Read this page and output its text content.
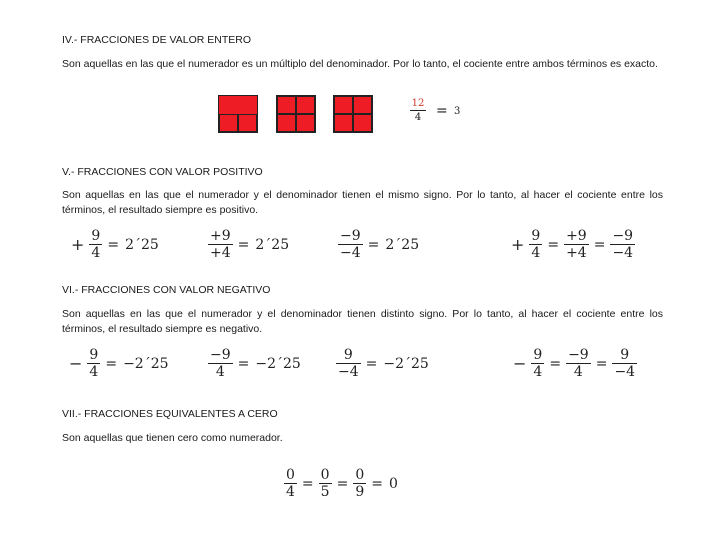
IV.- FRACCIONES DE VALOR ENTERO
Son aquellas en las que el numerador es un múltiplo del denominador. Por lo tanto, el cociente entre ambos términos es exacto.
$\frac{12}{4} = 3$
V.- FRACCIONES CON VALOR POSITIVO
Son aquellas en las que el numerador y el denominador tienen el mismo signo. Por lo tanto, al hacer el cociente entre los términos, el resultado siempre es positivo.
+ $\frac{9}{4}$ = 2´25	$\frac{+9}{+4}$ = 2´25	$\frac{-9}{-4}$ = 2´25	+ $\frac{9}{4} = \frac{+9}{+4} = \frac{-9}{-4}$
VI.- FRACCIONES CON VALOR NEGATIVO
Son aquellas en las que el numerador y el denominador tienen distinto signo. Por lo tanto, al hacer el cociente entre los términos, el resultado siempre es negativo.
− $\frac{9}{4}$ = −2´25	$\frac{-9}{4}$ = −2´25	$\frac{9}{-4}$ = −2´25	− $\frac{9}{4} = \frac{-9}{4} = \frac{9}{-4}$
VII.- FRACCIONES EQUIVALENTES A CERO
Son aquellas que tienen cero como numerador.
$\frac{0}{4} = \frac{0}{5} = \frac{0}{9} = 0$
